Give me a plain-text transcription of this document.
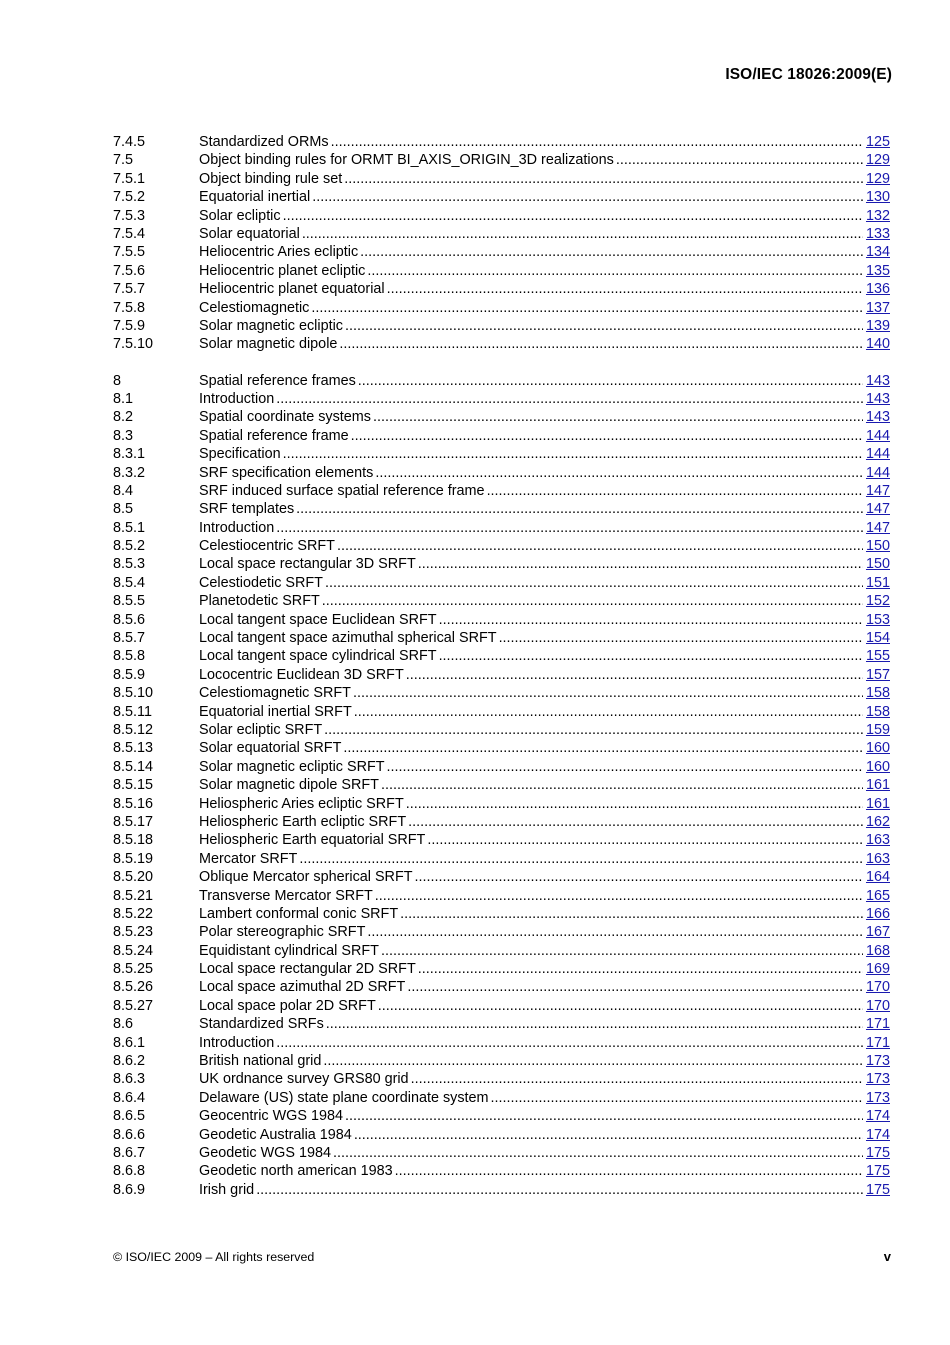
ISO/IEC 18026:2009(E)
7.4.5	Standardized ORMs .....	125
7.5	Object binding rules for ORMT BI_AXIS_ORIGIN_3D realizations .....	129
7.5.1	Object binding rule set .....	129
7.5.2	Equatorial inertial .....	130
7.5.3	Solar ecliptic .....	132
7.5.4	Solar equatorial .....	133
7.5.5	Heliocentric Aries ecliptic .....	134
7.5.6	Heliocentric planet ecliptic .....	135
7.5.7	Heliocentric planet equatorial .....	136
7.5.8	Celestiomagnetic .....	137
7.5.9	Solar magnetic ecliptic .....	139
7.5.10	Solar magnetic dipole .....	140
8	Spatial reference frames .....	143
8.1	Introduction .....	143
8.2	Spatial coordinate systems .....	143
8.3	Spatial reference frame .....	144
8.3.1	Specification .....	144
8.3.2	SRF specification elements .....	144
8.4	SRF induced surface spatial reference frame .....	147
8.5	SRF templates .....	147
8.5.1	Introduction .....	147
8.5.2	Celestiocentric SRFT .....	150
8.5.3	Local space rectangular 3D SRFT .....	150
8.5.4	Celestiodetic SRFT .....	151
8.5.5	Planetodetic SRFT .....	152
8.5.6	Local tangent space Euclidean SRFT .....	153
8.5.7	Local tangent space azimuthal spherical SRFT .....	154
8.5.8	Local tangent space cylindrical SRFT .....	155
8.5.9	Lococentric Euclidean 3D SRFT .....	157
8.5.10	Celestiomagnetic SRFT .....	158
8.5.11	Equatorial inertial SRFT .....	158
8.5.12	Solar ecliptic SRFT .....	159
8.5.13	Solar equatorial SRFT .....	160
8.5.14	Solar magnetic ecliptic SRFT .....	160
8.5.15	Solar magnetic dipole SRFT .....	161
8.5.16	Heliospheric Aries ecliptic SRFT .....	161
8.5.17	Heliospheric Earth ecliptic SRFT .....	162
8.5.18	Heliospheric Earth equatorial SRFT .....	163
8.5.19	Mercator SRFT .....	163
8.5.20	Oblique Mercator spherical SRFT .....	164
8.5.21	Transverse Mercator SRFT .....	165
8.5.22	Lambert conformal conic SRFT .....	166
8.5.23	Polar stereographic SRFT .....	167
8.5.24	Equidistant cylindrical SRFT .....	168
8.5.25	Local space rectangular 2D SRFT .....	169
8.5.26	Local space azimuthal 2D SRFT .....	170
8.5.27	Local space polar 2D SRFT .....	170
8.6	Standardized SRFs .....	171
8.6.1	Introduction .....	171
8.6.2	British national grid .....	173
8.6.3	UK ordnance survey GRS80 grid .....	173
8.6.4	Delaware (US) state plane coordinate system .....	173
8.6.5	Geocentric WGS 1984 .....	174
8.6.6	Geodetic Australia 1984 .....	174
8.6.7	Geodetic WGS 1984 .....	175
8.6.8	Geodetic north american 1983 .....	175
8.6.9	Irish grid .....	175
© ISO/IEC 2009 – All rights reserved	v
